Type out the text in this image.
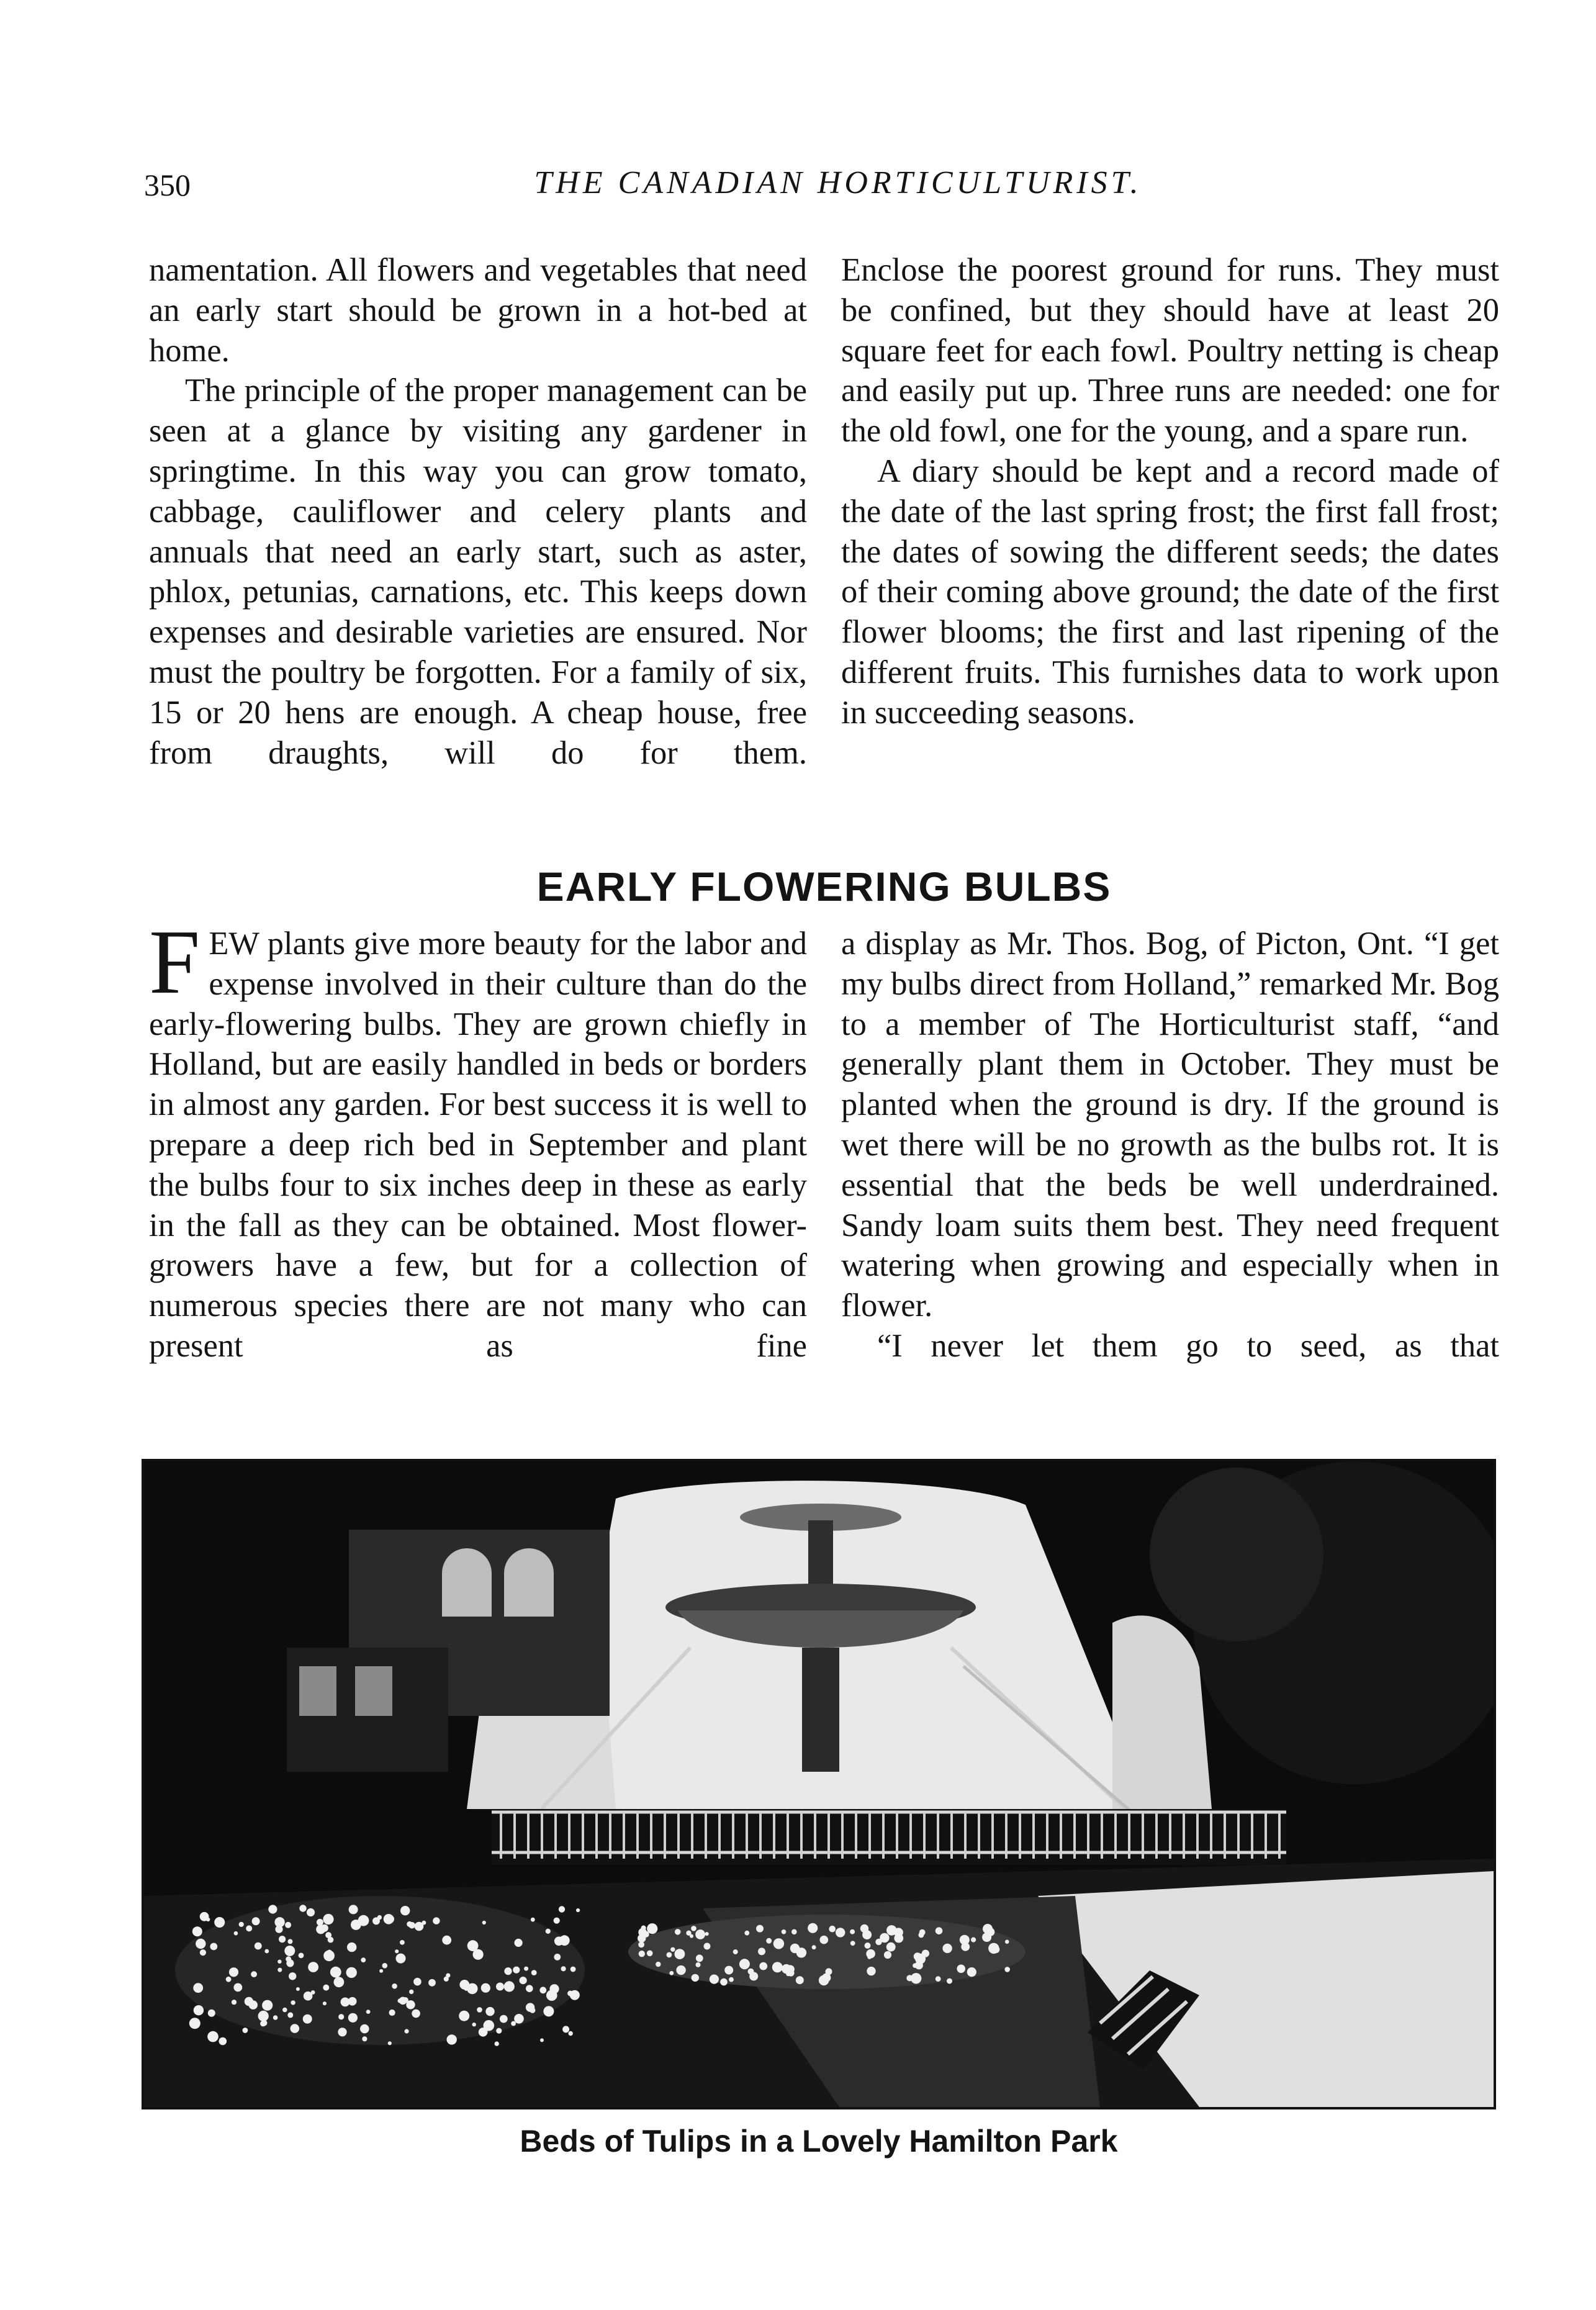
350	THE CANADIAN HORTICULTURIST.

namentation. All flowers and vegetables that need an early start should be grown in a hot-bed at home.

The principle of the proper management can be seen at a glance by visiting any gardener in springtime. In this way you can grow tomato, cabbage, cauliflower and celery plants and annuals that need an early start, such as aster, phlox, petunias, carnations, etc. This keeps down expenses and desirable varieties are ensured. Nor must the poultry be forgotten. For a family of six, 15 or 20 hens are enough. A cheap house, free from draughts, will do for them.

Enclose the poorest ground for runs. They must be confined, but they should have at least 20 square feet for each fowl. Poultry netting is cheap and easily put up. Three runs are needed: one for the old fowl, one for the young, and a spare run.

A diary should be kept and a record made of the date of the last spring frost; the first fall frost; the dates of sowing the different seeds; the dates of their coming above ground; the date of the first flower blooms; the first and last ripening of the different fruits. This furnishes data to work upon in succeeding seasons.

EARLY FLOWERING BULBS

FEW plants give more beauty for the labor and expense involved in their culture than do the early-flowering bulbs. They are grown chiefly in Holland, but are easily handled in beds or borders in almost any garden. For best success it is well to prepare a deep rich bed in September and plant the bulbs four to six inches deep in these as early in the fall as they can be obtained. Most flower-growers have a few, but for a collection of numerous species there are not many who can present as fine

a display as Mr. Thos. Bog, of Picton, Ont. “I get my bulbs direct from Holland,” remarked Mr. Bog to a member of The Horticulturist staff, “and generally plant them in October. They must be planted when the ground is dry. If the ground is wet there will be no growth as the bulbs rot. It is essential that the beds be well underdrained. Sandy loam suits them best. They need frequent watering when growing and especially when in flower.

“I never let them go to seed, as that

Beds of Tulips in a Lovely Hamilton Park
